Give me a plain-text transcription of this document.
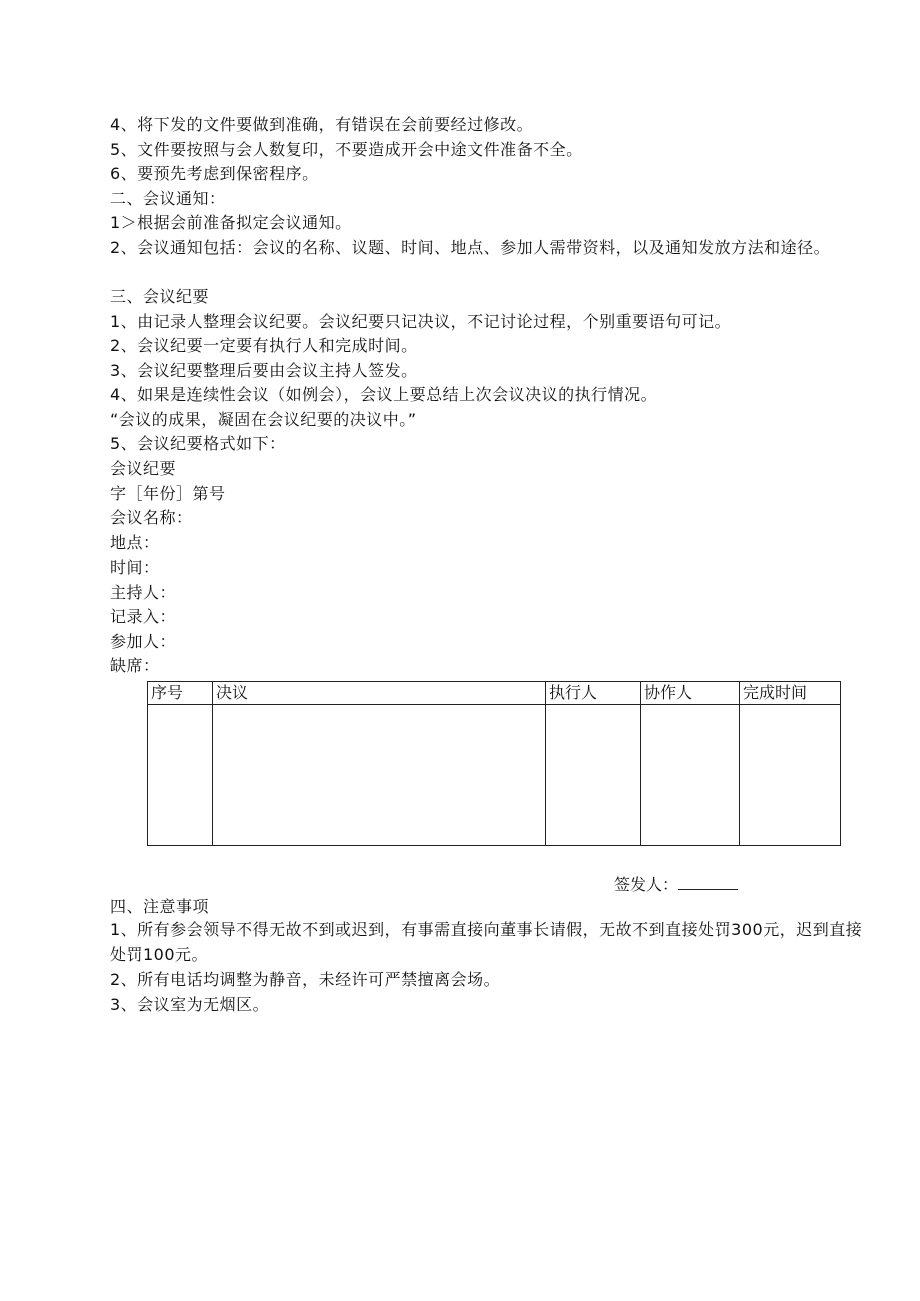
4、将下发的文件要做到准确，有错误在会前要经过修改。
5、文件要按照与会人数复印，不要造成开会中途文件准备不全。
6、要预先考虑到保密程序。
二、会议通知：
1＞根据会前准备拟定会议通知。
2、会议通知包括：会议的名称、议题、时间、地点、参加人需带资料，以及通知发放方法和途径。
三、会议纪要
1、由记录人整理会议纪要。会议纪要只记决议，不记讨论过程，个别重要语句可记。
2、会议纪要一定要有执行人和完成时间。
3、会议纪要整理后要由会议主持人签发。
4、如果是连续性会议（如例会），会议上要总结上次会议决议的执行情况。
“会议的成果，凝固在会议纪要的决议中。”
5、会议纪要格式如下：
会议纪要
字［年份］第号
会议名称：
地点：
时间：
主持人：
记录入：
参加人：
缺席：
序号	决议	执行人	协作人	完成时间

签发人：
四、注意事项
1、所有参会领导不得无故不到或迟到，有事需直接向董事长请假，无故不到直接处罚300元，迟到直接处罚100元。
2、所有电话均调整为静音，未经许可严禁擅离会场。
3、会议室为无烟区。
